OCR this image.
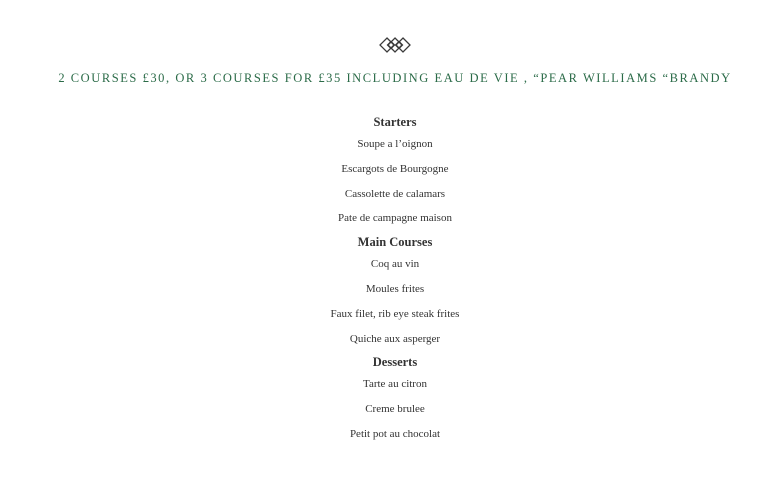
2 COURSES £30, OR 3 COURSES FOR £35 INCLUDING EAU DE VIE , “PEAR WILLIAMS “BRANDY
Starters
Soupe a l’oignon
Escargots de Bourgogne
Cassolette de calamars
Pate de campagne maison
Main Courses
Coq au vin
Moules frites
Faux filet, rib eye steak frites
Quiche aux asperger
Desserts
Tarte au citron
Creme brulee
Petit pot au chocolat
